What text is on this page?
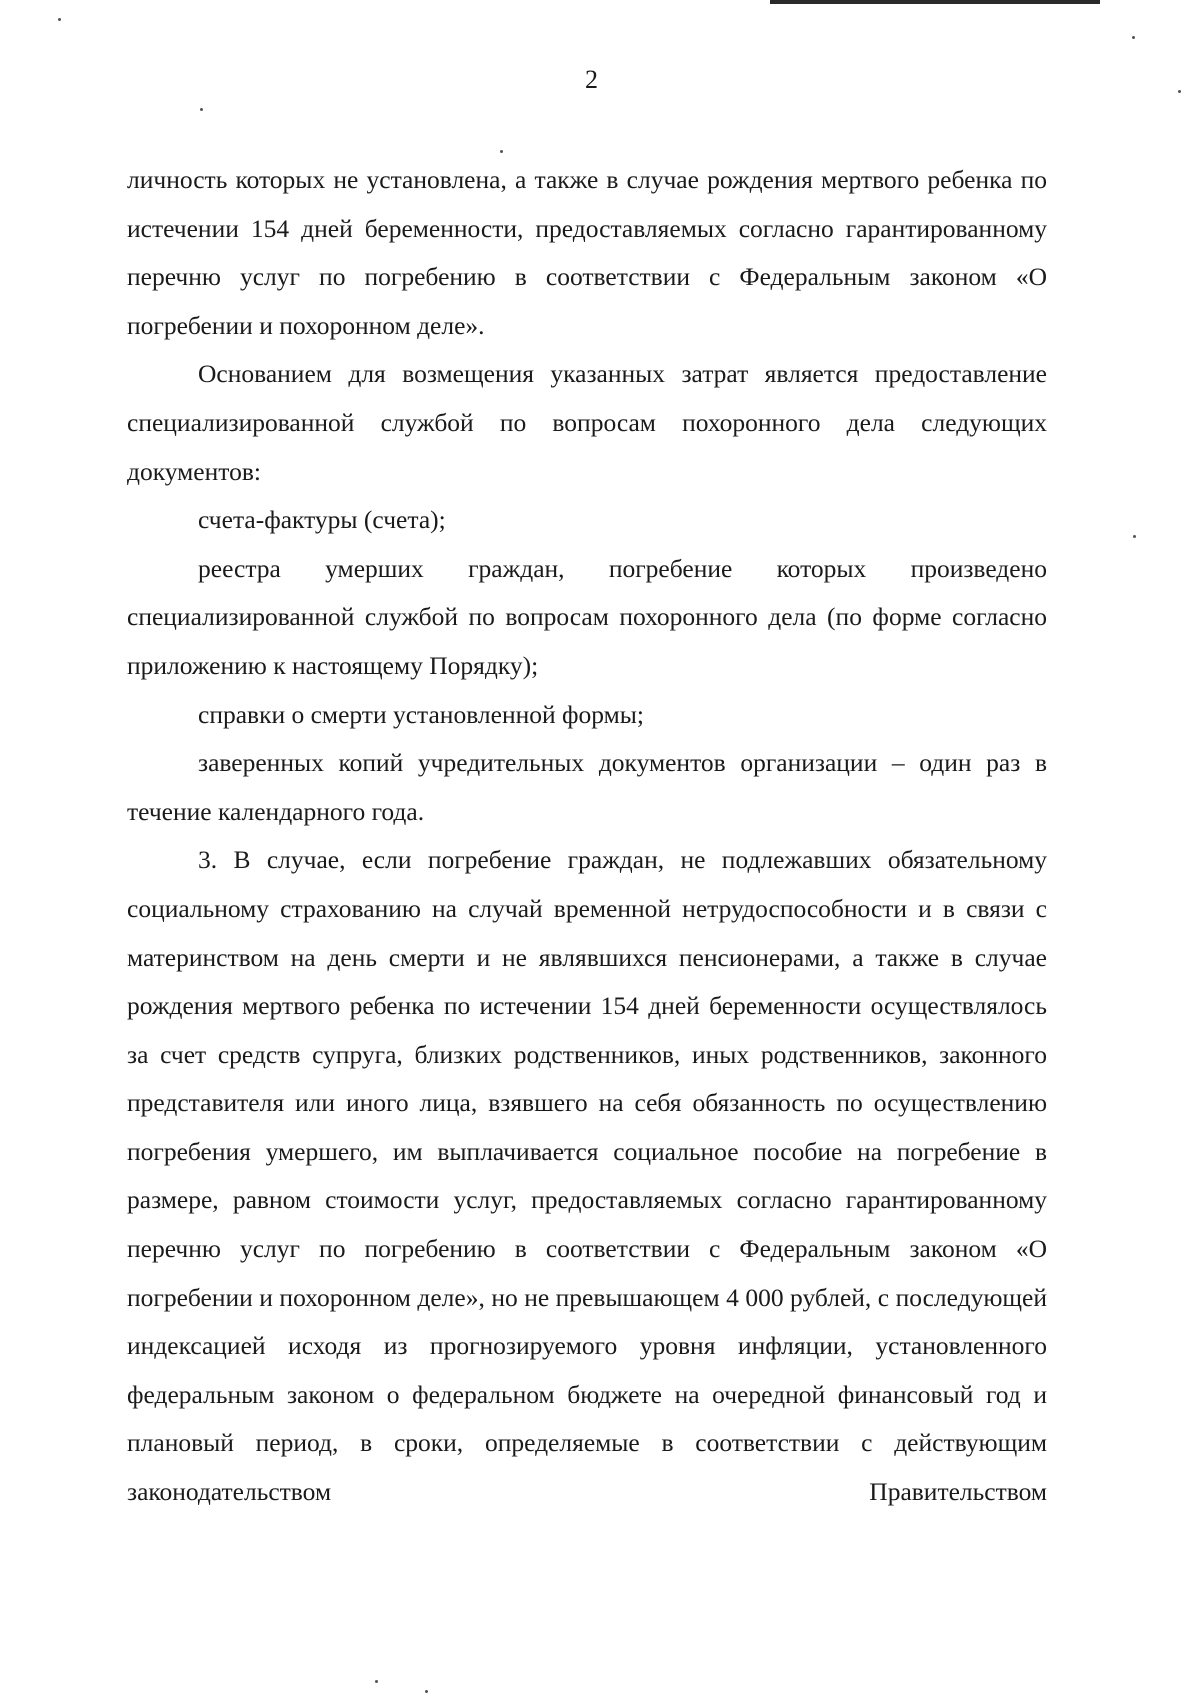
2

личность которых не установлена, а также в случае рождения мертвого ребенка по истечении 154 дней беременности, предоставляемых согласно гарантированному перечню услуг по погребению в соответствии с Федеральным законом «О погребении и похоронном деле».

Основанием для возмещения указанных затрат является предоставление специализированной службой по вопросам похоронного дела следующих документов:

счета-фактуры (счета);

реестра умерших граждан, погребение которых произведено специализированной службой по вопросам похоронного дела (по форме согласно приложению к настоящему Порядку);

справки о смерти установленной формы;

заверенных копий учредительных документов организации – один раз в течение календарного года.

3. В случае, если погребение граждан, не подлежавших обязательному социальному страхованию на случай временной нетрудоспособности и в связи с материнством на день смерти и не являвшихся пенсионерами, а также в случае рождения мертвого ребенка по истечении 154 дней беременности осуществлялось за счет средств супруга, близких родственников, иных родственников, законного представителя или иного лица, взявшего на себя обязанность по осуществлению погребения умершего, им выплачивается социальное пособие на погребение в размере, равном стоимости услуг, предоставляемых согласно гарантированному перечню услуг по погребению в соответствии с Федеральным законом «О погребении и похоронном деле», но не превышающем 4 000 рублей, с последующей индексацией исходя из прогнозируемого уровня инфляции, установленного федеральным законом о федеральном бюджете на очередной финансовый год и плановый период, в сроки, определяемые в соответствии с действующим законодательством Правительством
